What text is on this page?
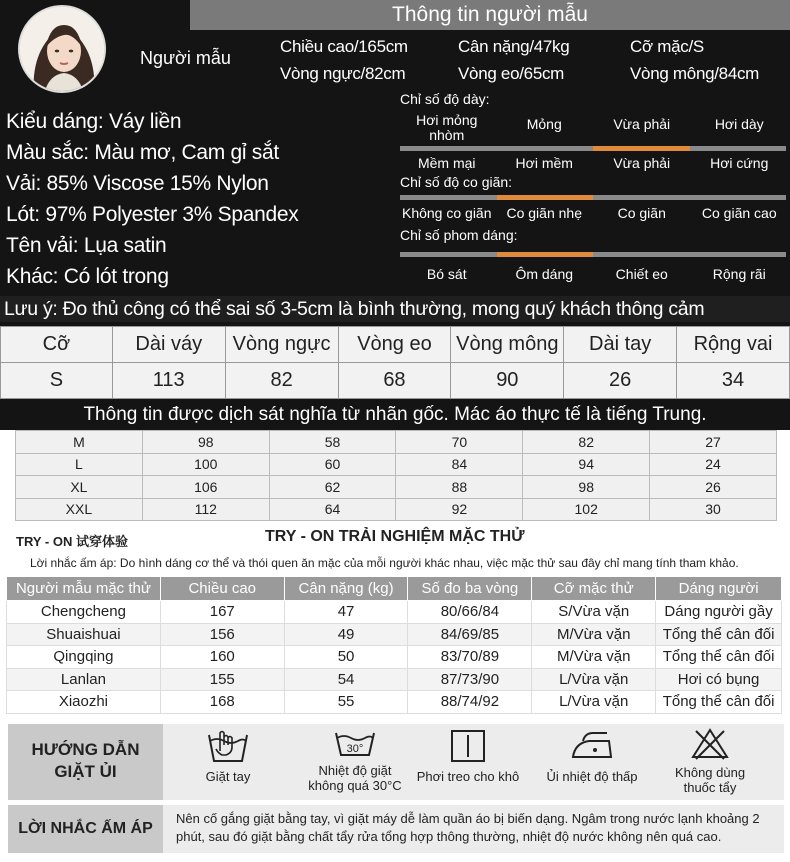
Thông tin người mẫu
Người mẫu
Chiều cao/165cm	Cân nặng/47kg	Cỡ mặc/S
Vòng ngực/82cm	Vòng eo/65cm	Vòng mông/84cm
Kiểu dáng: Váy liền
Màu sắc: Màu mơ, Cam gỉ sắt
Vải: 85% Viscose 15% Nylon
Lót: 97% Polyester 3% Spandex
Tên vải: Lụa satin
Khác: Có lót trong
Chỉ số độ dày:
Hơi mỏng nhòm
Mỏng	Vừa phải	Hơi dày
Mềm mại	Hơi mềm	Vừa phải	Hơi cứng
Chỉ số độ co giãn:
Không co giãn	Co giãn nhẹ	Co giãn	Co giãn cao
Chỉ số phom dáng:
Bó sát	Ôm dáng	Chiết eo	Rộng rãi
Lưu ý: Đo thủ công có thể sai số 3-5cm là bình thường, mong quý khách thông cảm
Cỡ	Dài váy	Vòng ngực	Vòng eo	Vòng mông	Dài tay	Rộng vai
S	113	82	68	90	26	34
Thông tin được dịch sát nghĩa từ nhãn gốc. Mác áo thực tế là tiếng Trung.
M	98	58	70	82	27
L	100	60	84	94	24
XL	106	62	88	98	26
XXL	112	64	92	102	30
TRY - ON 试穿体验	TRY - ON TRẢI NGHIỆM MẶC THỬ
Lời nhắc ấm áp: Do hình dáng cơ thể và thói quen ăn mặc của mỗi người khác nhau, việc mặc thử sau đây chỉ mang tính tham khảo.
Người mẫu mặc thử	Chiều cao	Cân nặng (kg)	Số đo ba vòng	Cỡ mặc thử	Dáng người
Chengcheng	167	47	80/66/84	S/Vừa vặn	Dáng người gầy
Shuaishuai	156	49	84/69/85	M/Vừa vặn	Tổng thể cân đối
Qingqing	160	50	83/70/89	M/Vừa vặn	Tổng thể cân đối
Lanlan	155	54	87/73/90	L/Vừa vặn	Hơi có bụng
Xiaozhi	168	55	88/74/92	L/Vừa vặn	Tổng thể cân đối
HƯỚNG DẪN
GIẶT ỦI	Giặt tay
30°
Nhiệt độ giặt
không quá 30°C
Phơi treo cho khô	Ủi nhiệt độ thấp	Không dùng
thuốc tẩy
LỜI NHẮC ẤM ÁP
Nên cố gắng giặt bằng tay, vì giặt máy dễ làm quần áo bị biến dạng. Ngâm trong nước lạnh khoảng 2 phút, sau đó giặt bằng chất tẩy rửa tổng hợp thông thường, nhiệt độ nước không nên quá cao.
